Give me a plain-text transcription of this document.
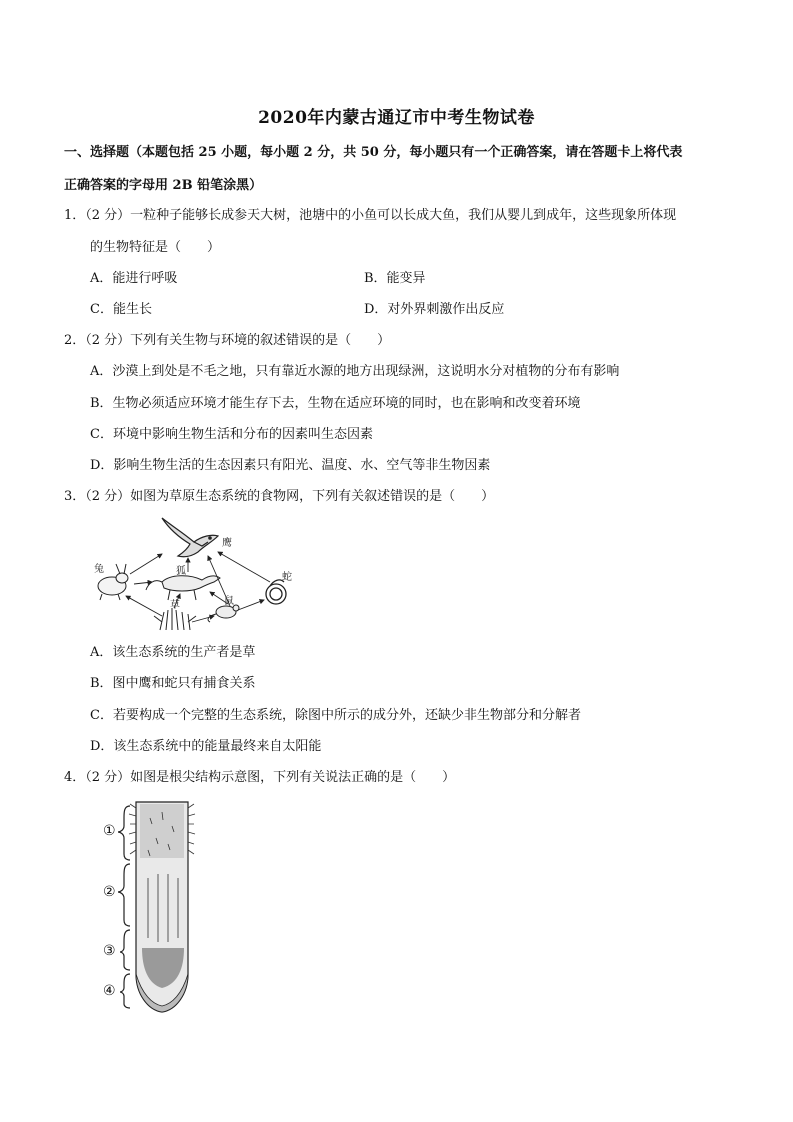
2020年内蒙古通辽市中考生物试卷
一、选择题（本题包括 25 小题，每小题 2 分，共 50 分，每小题只有一个正确答案，请在答题卡上将代表
正确答案的字母用 2B 铅笔涂黑）
1．（2 分）一粒种子能够长成参天大树，池塘中的小鱼可以长成大鱼，我们从婴儿到成年，这些现象所体现
的生物特征是（　　）
A．能进行呼吸	B．能变异
C．能生长	D．对外界刺激作出反应
2．（2 分）下列有关生物与环境的叙述错误的是（　　）
A．沙漠上到处是不毛之地，只有靠近水源的地方出现绿洲，这说明水分对植物的分布有影响
B．生物必须适应环境才能生存下去，生物在适应环境的同时，也在影响和改变着环境
C．环境中影响生物生活和分布的因素叫生态因素
D．影响生物生活的生态因素只有阳光、温度、水、空气等非生物因素
3．（2 分）如图为草原生态系统的食物网，下列有关叙述错误的是（　　）
鹰
兔	狐
蛇
草	鼠
A．该生态系统的生产者是草
B．图中鹰和蛇只有捕食关系
C．若要构成一个完整的生态系统，除图中所示的成分外，还缺少非生物部分和分解者
D．该生态系统中的能量最终来自太阳能
4．（2 分）如图是根尖结构示意图，下列有关说法正确的是（　　）
①
②
③
④
